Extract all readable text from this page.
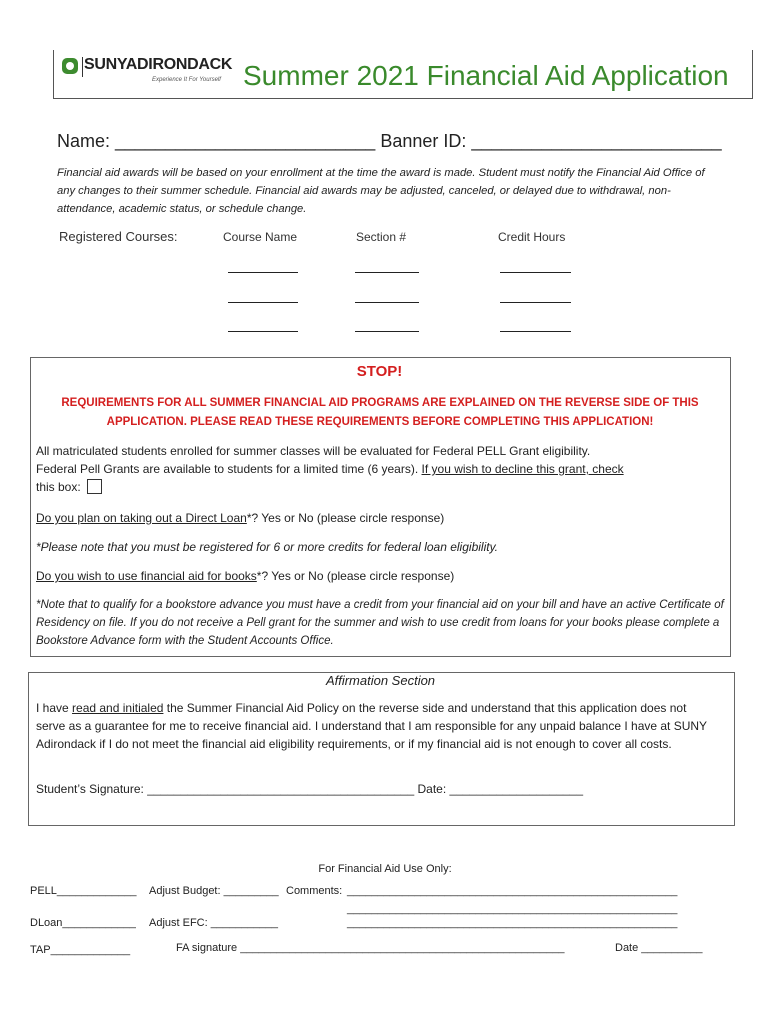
SUNYADIRONDACK
Experience It For Yourself Summer 2021 Financial Aid Application
Name: __________________________ Banner ID: _________________________
Financial aid awards will be based on your enrollment at the time the award is made. Student must notify the Financial Aid Office of any changes to their summer schedule. Financial aid awards may be adjusted, canceled, or delayed due to withdrawal, non-attendance, academic status, or schedule change.
Registered Courses:	Course Name	Section #	Credit Hours
STOP!
REQUIREMENTS FOR ALL SUMMER FINANCIAL AID PROGRAMS ARE EXPLAINED ON THE REVERSE SIDE OF THIS APPLICATION. PLEASE READ THESE REQUIREMENTS BEFORE COMPLETING THIS APPLICATION!
All matriculated students enrolled for summer classes will be evaluated for Federal PELL Grant eligibility.
Federal Pell Grants are available to students for a limited time (6 years). If you wish to decline this grant, check
this box:
Do you plan on taking out a Direct Loan*? Yes or No (please circle response)
*Please note that you must be registered for 6 or more credits for federal loan eligibility.
Do you wish to use financial aid for books*? Yes or No (please circle response)
*Note that to qualify for a bookstore advance you must have a credit from your financial aid on your bill and have an active Certificate of Residency on file. If you do not receive a Pell grant for the summer and wish to use credit from loans for your books please complete a Bookstore Advance form with the Student Accounts Office.
Affirmation Section
I have read and initialed the Summer Financial Aid Policy on the reverse side and understand that this application does not serve as a guarantee for me to receive financial aid. I understand that I am responsible for any unpaid balance I have at SUNY Adirondack if I do not meet the financial aid eligibility requirements, or if my financial aid is not enough to cover all costs.
Student’s Signature: ________________________________________ Date: ____________________
For Financial Aid Use Only:
PELL_____________ Adjust Budget: _________ Comments: ______________________________________________________
______________________________________________________
DLoan____________ Adjust EFC: ___________	______________________________________________________
TAP_____________	FA signature _____________________________________________________	Date __________
